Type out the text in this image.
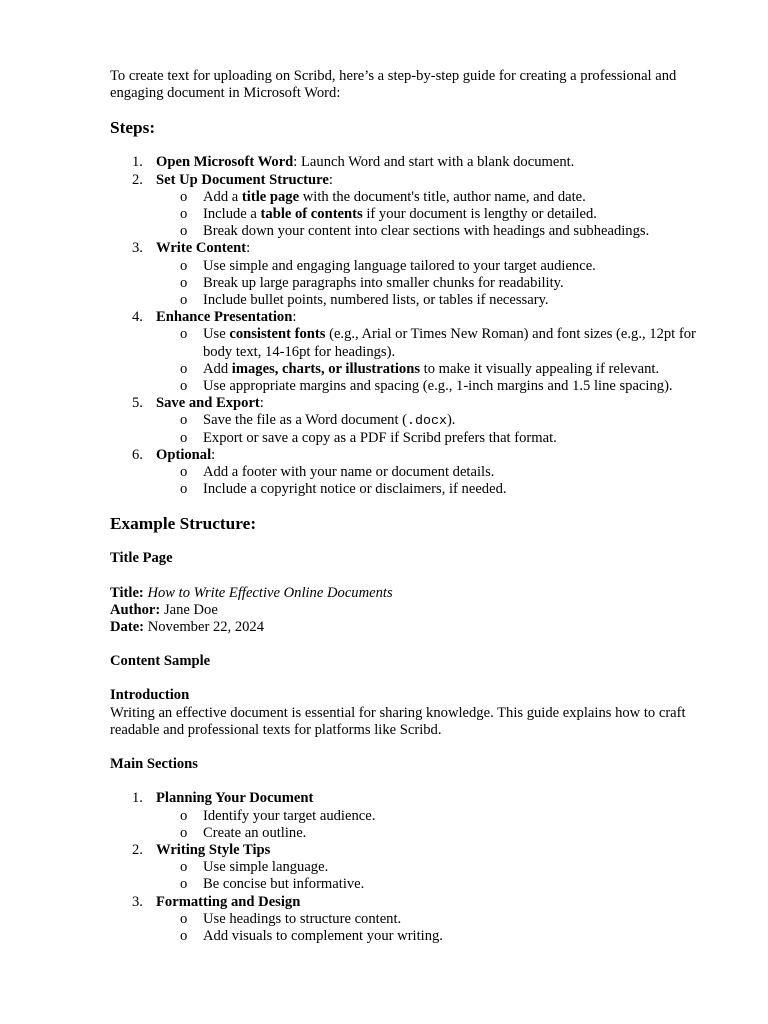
To create text for uploading on Scribd, here’s a step-by-step guide for creating a professional and engaging document in Microsoft Word:

Steps:
1. Open Microsoft Word: Launch Word and start with a blank document.
2. Set Up Document Structure:
o Add a title page with the document's title, author name, and date.
o Include a table of contents if your document is lengthy or detailed.
o Break down your content into clear sections with headings and subheadings.
3. Write Content:
o Use simple and engaging language tailored to your target audience.
o Break up large paragraphs into smaller chunks for readability.
o Include bullet points, numbered lists, or tables if necessary.
4. Enhance Presentation:
o Use consistent fonts (e.g., Arial or Times New Roman) and font sizes (e.g., 12pt for body text, 14-16pt for headings).
o Add images, charts, or illustrations to make it visually appealing if relevant.
o Use appropriate margins and spacing (e.g., 1-inch margins and 1.5 line spacing).
5. Save and Export:
o Save the file as a Word document (.docx).
o Export or save a copy as a PDF if Scribd prefers that format.
6. Optional:
o Add a footer with your name or document details.
o Include a copyright notice or disclaimers, if needed.
Example Structure:
Title Page

Title: How to Write Effective Online Documents

Author: Jane Doe

Date: November 22, 2024

Content Sample

Introduction

Writing an effective document is essential for sharing knowledge. This guide explains how to craft readable and professional texts for platforms like Scribd.

Main Sections
1. Planning Your Document
o Identify your target audience.
o Create an outline.
2. Writing Style Tips
o Use simple language.
o Be concise but informative.
3. Formatting and Design
o Use headings to structure content.
o Add visuals to complement your writing.
